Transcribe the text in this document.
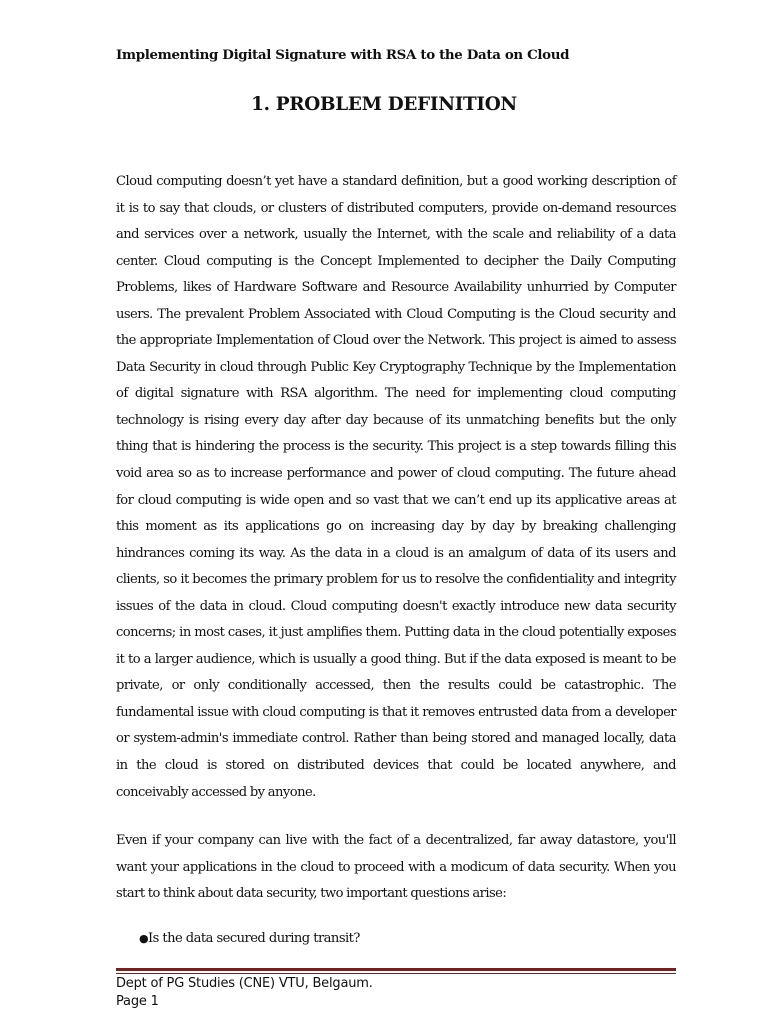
Implementing Digital Signature with RSA to the Data on Cloud
1. PROBLEM DEFINITION

Cloud computing doesn’t yet have a standard definition, but a good working description of it is to say that clouds, or clusters of distributed computers, provide on-demand resources and services over a network, usually the Internet, with the scale and reliability of a data center. Cloud computing is the Concept Implemented to decipher the Daily Computing Problems, likes of Hardware Software and Resource Availability unhurried by Computer users. The prevalent Problem Associated with Cloud Computing is the Cloud security and the appropriate Implementation of Cloud over the Network. This project is aimed to assess Data Security in cloud through Public Key Cryptography Technique by the Implementation of digital signature with RSA algorithm. The need for implementing cloud computing technology is rising every day after day because of its unmatching benefits but the only thing that is hindering the process is the security. This project is a step towards filling this void area so as to increase performance and power of cloud computing. The future ahead for cloud computing is wide open and so vast that we can’t end up its applicative areas at this moment as its applications go on increasing day by day by breaking challenging hindrances coming its way. As the data in a cloud is an amalgum of data of its users and clients, so it becomes the primary problem for us to resolve the confidentiality and integrity issues of the data in cloud. Cloud computing doesn't exactly introduce new data security concerns; in most cases, it just amplifies them. Putting data in the cloud potentially exposes it to a larger audience, which is usually a good thing. But if the data exposed is meant to be private, or only conditionally accessed, then the results could be catastrophic. The fundamental issue with cloud computing is that it removes entrusted data from a developer or system-admin's immediate control. Rather than being stored and managed locally, data in the cloud is stored on distributed devices that could be located anywhere, and conceivably accessed by anyone.

Even if your company can live with the fact of a decentralized, far away datastore, you'll want your applications in the cloud to proceed with a modicum of data security. When you start to think about data security, two important questions arise:

● Is the data secured during transit?
Dept of PG Studies (CNE) VTU, Belgaum.
Page 1
